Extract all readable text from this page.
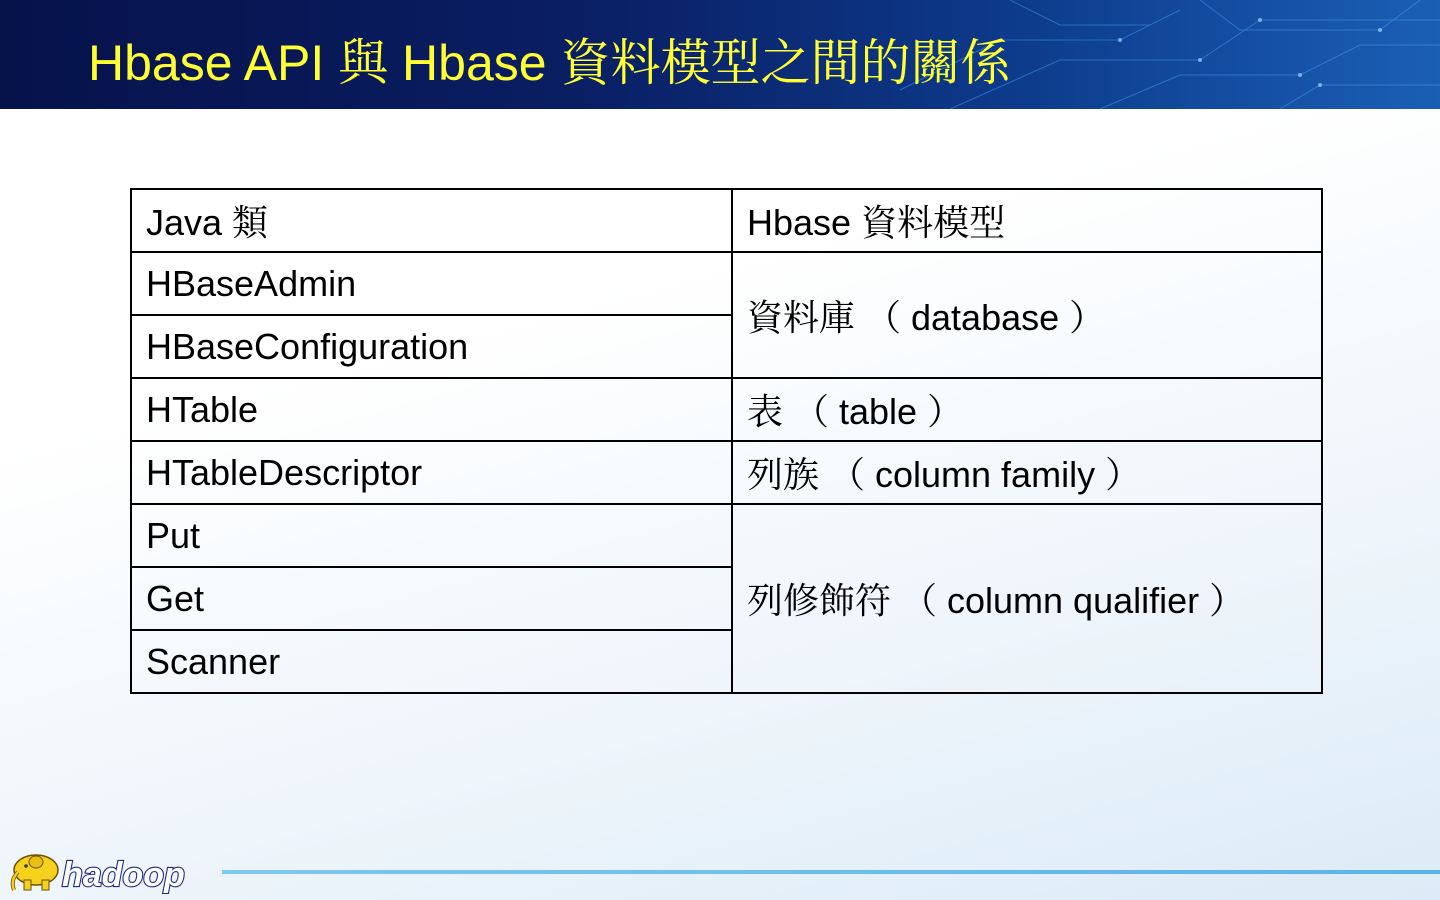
Hbase API 與 Hbase 資料模型之間的關係
Java 類	Hbase 資料模型
HBaseAdmin	資料庫 （ database ）
HBaseConfiguration	
HTable	表 （ table ）
HTableDescriptor	列族 （ column family ）
Put	列修飾符 （ column qualifier ）
Get	
Scanner	
hadoop
